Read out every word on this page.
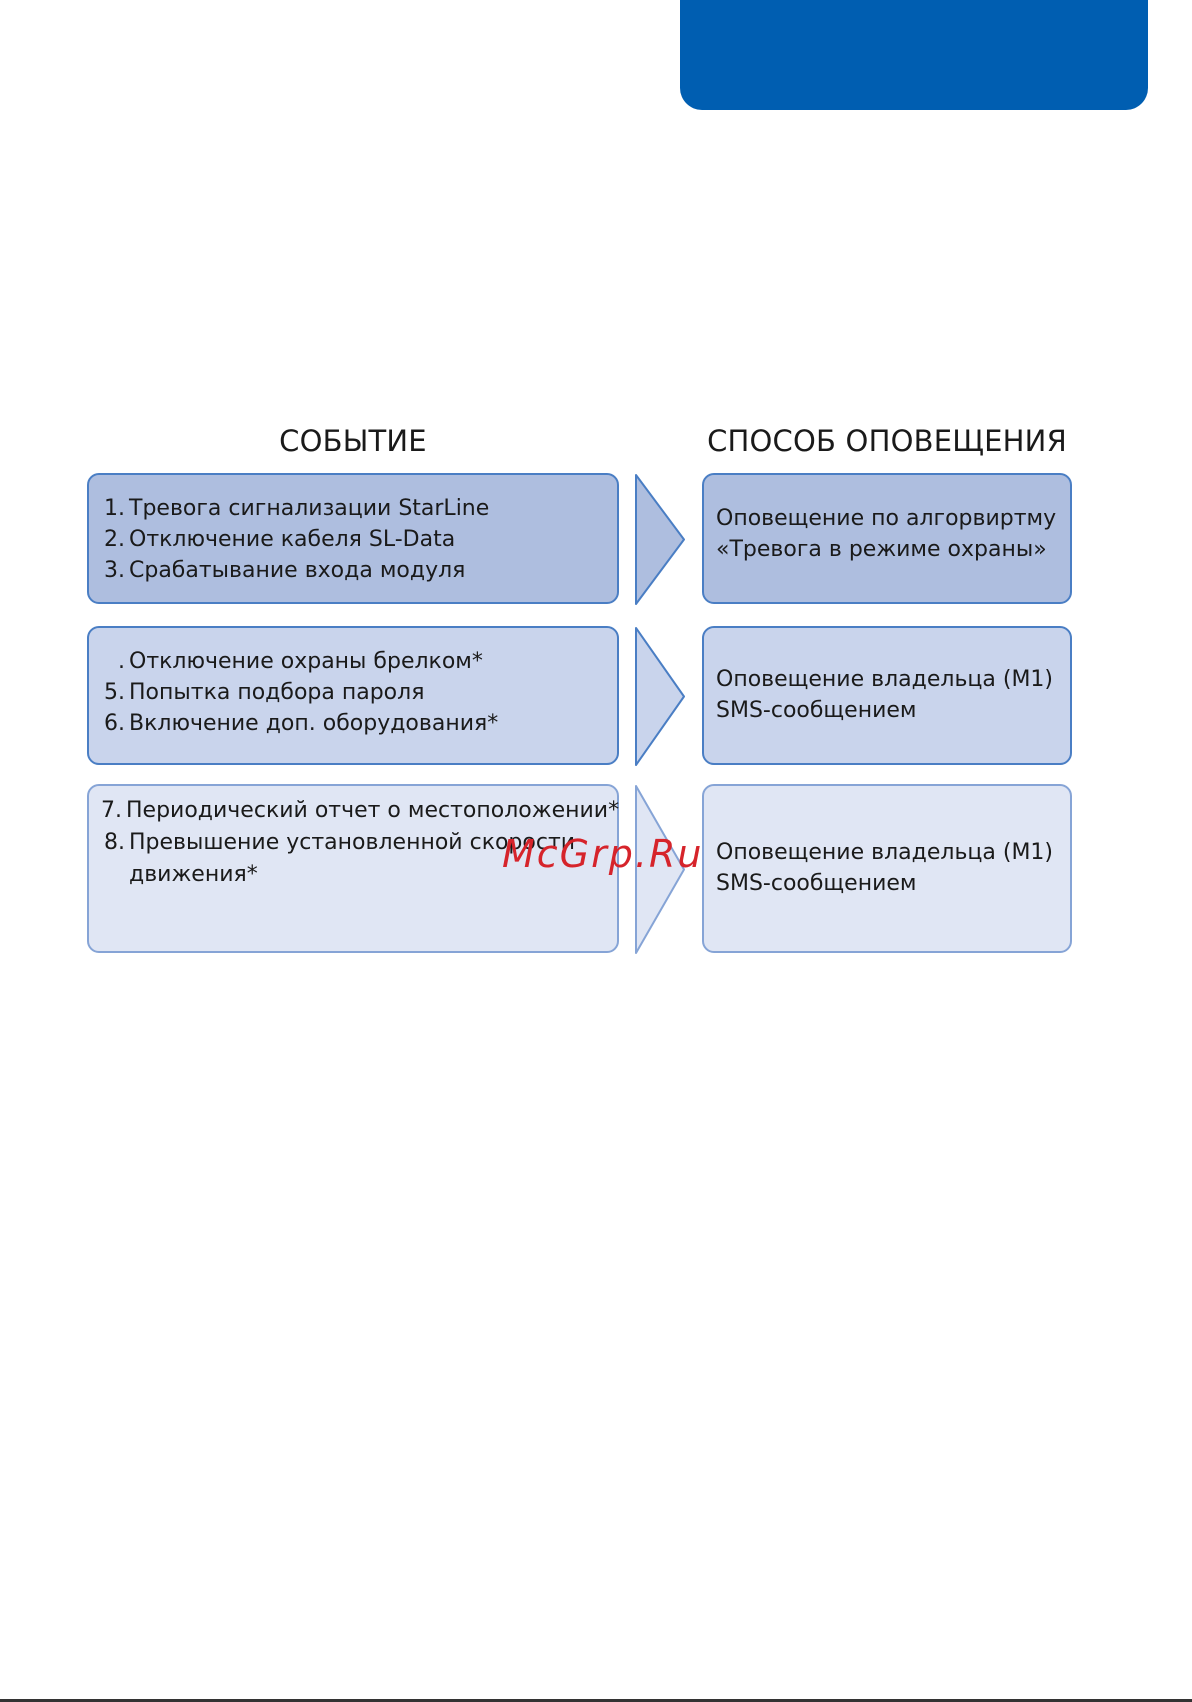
СОБЫТИЕ	СПОСОБ ОПОВЕЩЕНИЯ
1. Тревога сигнализации StarLine
2. Отключение кабеля SL-Data
3. Срабатывание входа модуля
Оповещение по алгорвиртму
«Тревога в режиме охраны»
. Отключение охраны брелком*
5. Попытка подбора пароля
6. Включение доп. оборудования*
Оповещение владельца (М1)
SMS-сообщением
7. Периодический отчет о местоположении*
8. Превышение установленной скорости
движения*
Оповещение владельца (М1)
SMS-сообщением
McGrp.Ru
